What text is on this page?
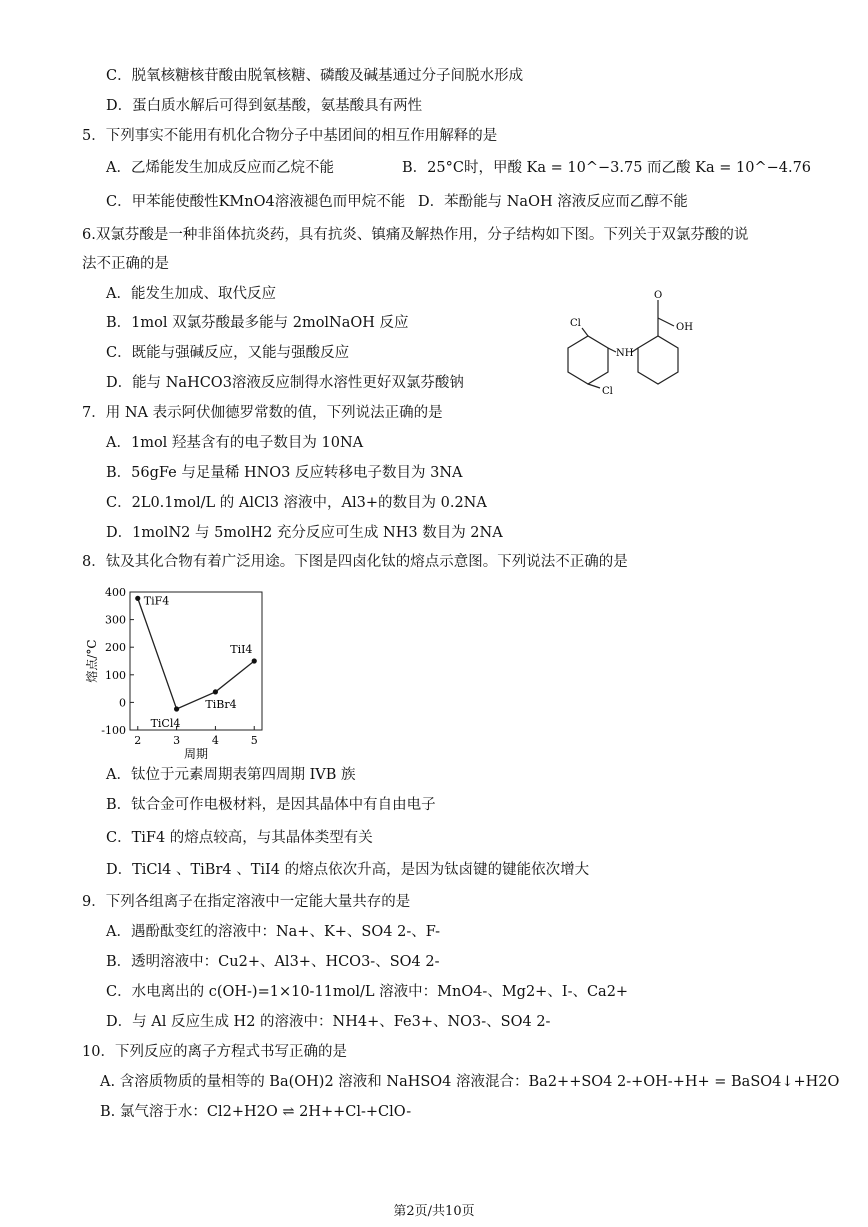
C．脱氧核糖核苷酸由脱氧核糖、磷酸及碱基通过分子间脱水形成
D．蛋白质水解后可得到氨基酸，氨基酸具有两性
5．下列事实不能用有机化合物分子中基团间的相互作用解释的是
A．乙烯能发生加成反应而乙烷不能	B．25°C时，甲酸 Ka = 10^−3.75 而乙酸 Ka = 10^−4.76
C．甲苯能使酸性KMnO4溶液褪色而甲烷不能 D．苯酚能与 NaOH 溶液反应而乙醇不能
6.双氯芬酸是一种非甾体抗炎药，具有抗炎、镇痛及解热作用，分子结构如下图。下列关于双氯芬酸的说
法不正确的是
A．能发生加成、取代反应
B．1mol 双氯芬酸最多能与 2molNaOH 反应
C．既能与强碱反应，又能与强酸反应
D．能与 NaHCO3溶液反应制得水溶性更好双氯芬酸钠
7．用 NA 表示阿伏伽德罗常数的值，下列说法正确的是
A．1mol 羟基含有的电子数目为 10NA
B．56gFe 与足量稀 HNO3 反应转移电子数目为 3NA
C．2L0.1mol/L 的 AlCl3 溶液中，Al3+的数目为 0.2NA
D．1molN2 与 5molH2 充分反应可生成 NH3 数目为 2NA
8．钛及其化合物有着广泛用途。下图是四卤化钛的熔点示意图。下列说法不正确的是
A．钛位于元素周期表第四周期 IVB 族
B．钛合金可作电极材料，是因其晶体中有自由电子
C．TiF4 的熔点较高，与其晶体类型有关
D．TiCl4 、TiBr4 、TiI4 的熔点依次升高，是因为钛卤键的键能依次增大
9．下列各组离子在指定溶液中一定能大量共存的是
A．遇酚酞变红的溶液中：Na+、K+、SO4 2-、F-
B．透明溶液中：Cu2+、Al3+、HCO3-、SO4 2-
C．水电离出的 c(OH-)=1×10-11mol/L 溶液中：MnO4-、Mg2+、I-、Ca2+
D．与 Al 反应生成 H2 的溶液中：NH4+、Fe3+、NO3-、SO4 2-
10．下列反应的离子方程式书写正确的是
A. 含溶质物质的量相等的 Ba(OH)2 溶液和 NaHSO4 溶液混合：Ba2++SO4 2-+OH-+H+ = BaSO4↓+H2O
B. 氯气溶于水：Cl2+H2O ⇌ 2H++Cl-+ClO-
Cl
Cl
NH
OH
O
400
300
200
100
0
-100
2	3	4	5
TiF4
TiCl4
TiBr4
TiI4
周期
熔点/°C
第2页/共10页
